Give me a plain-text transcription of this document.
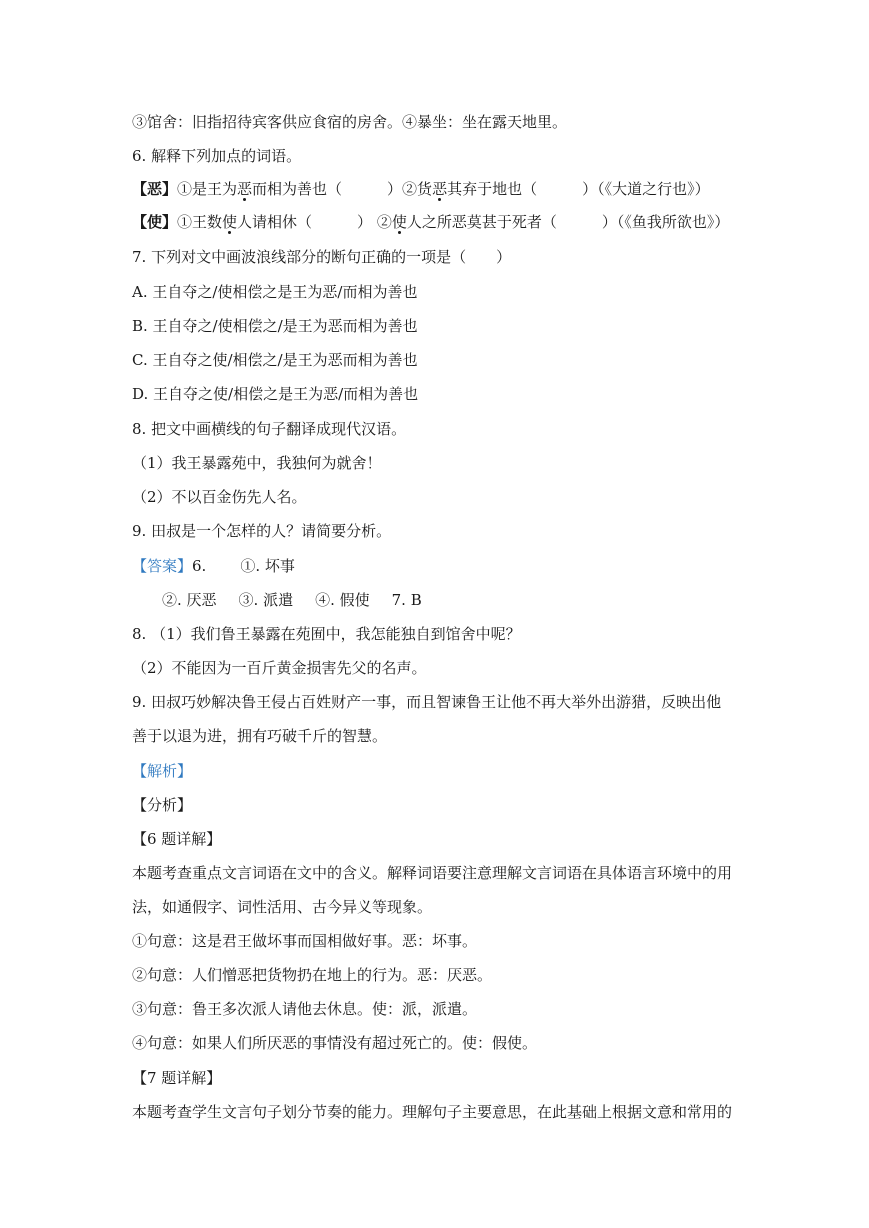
③馆舍：旧指招待宾客供应食宿的房舍。④暴坐：坐在露天地里。
6. 解释下列加点的词语。
【恶】①是王为恶而相为善也（　　　）②货恶其弃于地也（　　　）（《大道之行也》）
【使】①王数使人请相休（　　　） ②使人之所恶莫甚于死者（　　　）（《鱼我所欲也》）
7. 下列对文中画波浪线部分的断句正确的一项是（　　）
A. 王自夺之/使相偿之是王为恶/而相为善也
B. 王自夺之/使相偿之/是王为恶而相为善也
C. 王自夺之使/相偿之/是王为恶而相为善也
D. 王自夺之使/相偿之是王为恶/而相为善也
8. 把文中画横线的句子翻译成现代汉语。
（1）我王暴露苑中，我独何为就舍！
（2）不以百金伤先人名。
9. 田叔是一个怎样的人？请简要分析。
【答案】6. ①. 坏事
②. 厌恶 ③. 派遣 ④. 假使 7. B
8. （1）我们鲁王暴露在苑囿中，我怎能独自到馆舍中呢？
（2）不能因为一百斤黄金损害先父的名声。
9. 田叔巧妙解决鲁王侵占百姓财产一事，而且智谏鲁王让他不再大举外出游猎，反映出他
善于以退为进，拥有巧破千斤的智慧。
【解析】
【分析】
【6 题详解】
本题考查重点文言词语在文中的含义。解释词语要注意理解文言词语在具体语言环境中的用
法，如通假字、词性活用、古今异义等现象。
①句意：这是君王做坏事而国相做好事。恶：坏事。
②句意：人们憎恶把货物扔在地上的行为。恶：厌恶。
③句意：鲁王多次派人请他去休息。使：派，派遣。
④句意：如果人们所厌恶的事情没有超过死亡的。使：假使。
【7 题详解】
本题考查学生文言句子划分节奏的能力。理解句子主要意思，在此基础上根据文意和常用的
